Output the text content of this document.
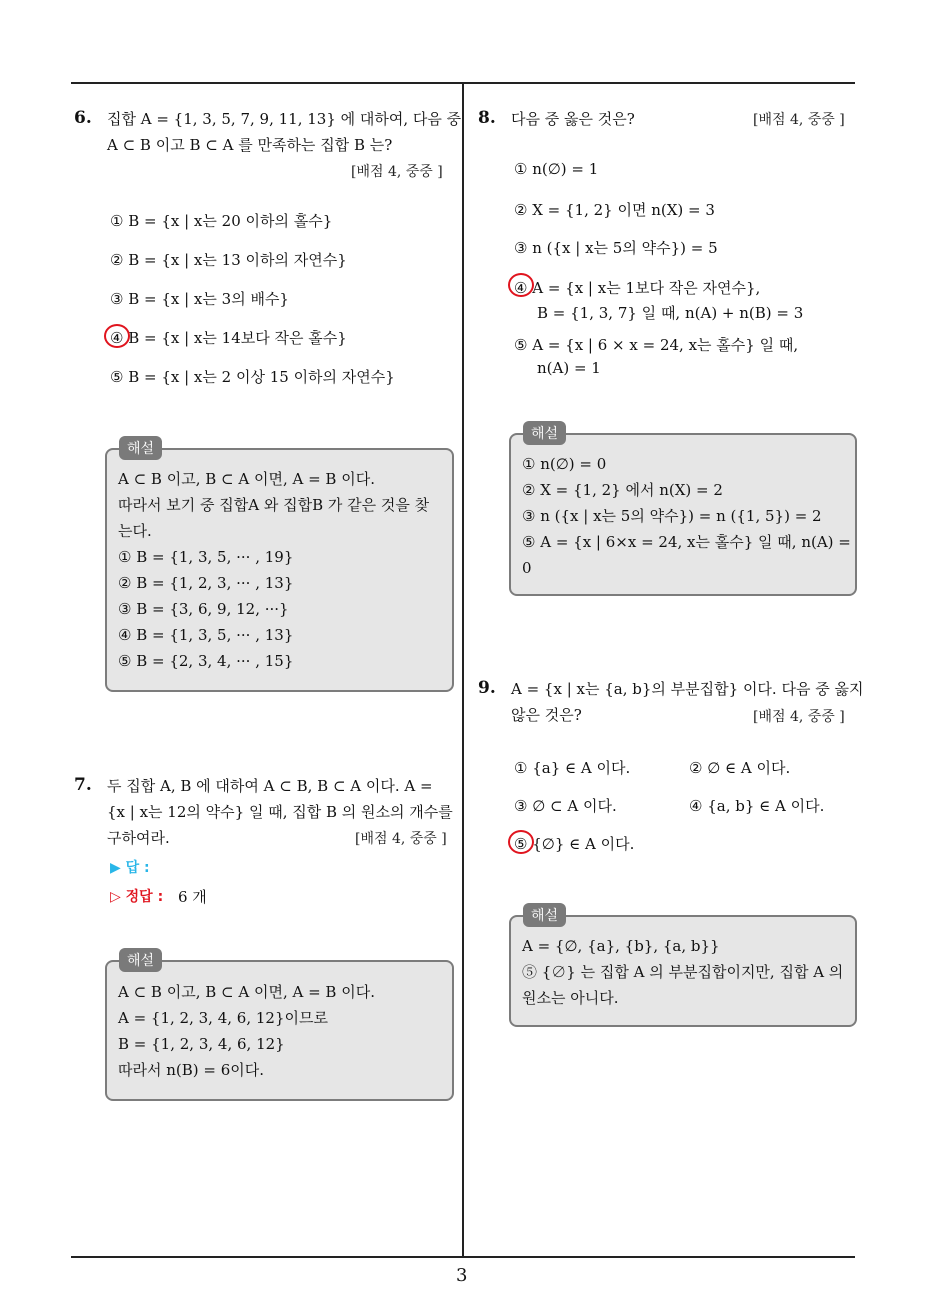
3
6. 집합 A = {1, 3, 5, 7, 9, 11, 13} 에 대하여, 다음 중
A ⊂ B 이고 B ⊂ A 를 만족하는 집합 B 는?
[배점 4, 중중 ]
① B = {x | x는 20 이하의 홀수}
② B = {x | x는 13 이하의 자연수}
③ B = {x | x는 3의 배수}
④ B = {x | x는 14보다 작은 홀수}
⑤ B = {x | x는 2 이상 15 이하의 자연수}
해설
A ⊂ B 이고, B ⊂ A 이면, A = B 이다.
따라서 보기 중 집합A 와 집합B 가 같은 것을 찾
는다.
① B = {1, 3, 5, ··· , 19}
② B = {1, 2, 3, ··· , 13}
③ B = {3, 6, 9, 12, ···}
④ B = {1, 3, 5, ··· , 13}
⑤ B = {2, 3, 4, ··· , 15}
7. 두 집합 A, B 에 대하여 A ⊂ B, B ⊂ A 이다. A =
{x | x는 12의 약수} 일 때, 집합 B 의 원소의 개수를
구하여라.	[배점 4, 중중 ]
▶ 답 :
▷ 정답 : 6 개
해설
A ⊂ B 이고, B ⊂ A 이면, A = B 이다.
A = {1, 2, 3, 4, 6, 12}이므로
B = {1, 2, 3, 4, 6, 12}
따라서 n(B) = 6이다.
8. 다음 중 옳은 것은?	[배점 4, 중중 ]
① n(∅) = 1
② X = {1, 2} 이면 n(X) = 3
③ n ({x | x는 5의 약수}) = 5
④ A = {x | x는 1보다 작은 자연수},
B = {1, 3, 7} 일 때, n(A) + n(B) = 3
⑤ A = {x | 6 × x = 24, x는 홀수} 일 때,
n(A) = 1
해설
① n(∅) = 0
② X = {1, 2} 에서 n(X) = 2
③ n ({x | x는 5의 약수}) = n ({1, 5}) = 2
⑤ A = {x | 6×x = 24, x는 홀수} 일 때, n(A) =
0
9. A = {x | x는 {a, b}의 부분집합} 이다. 다음 중 옳지
않은 것은?	[배점 4, 중중 ]
① {a} ∈ A 이다.	② ∅ ∈ A 이다.
③ ∅ ⊂ A 이다.	④ {a, b} ∈ A 이다.
⑤ {∅} ∈ A 이다.
해설
A = {∅, {a}, {b}, {a, b}}
⑤ {∅} 는 집합 A 의 부분집합이지만, 집합 A 의
원소는 아니다.
